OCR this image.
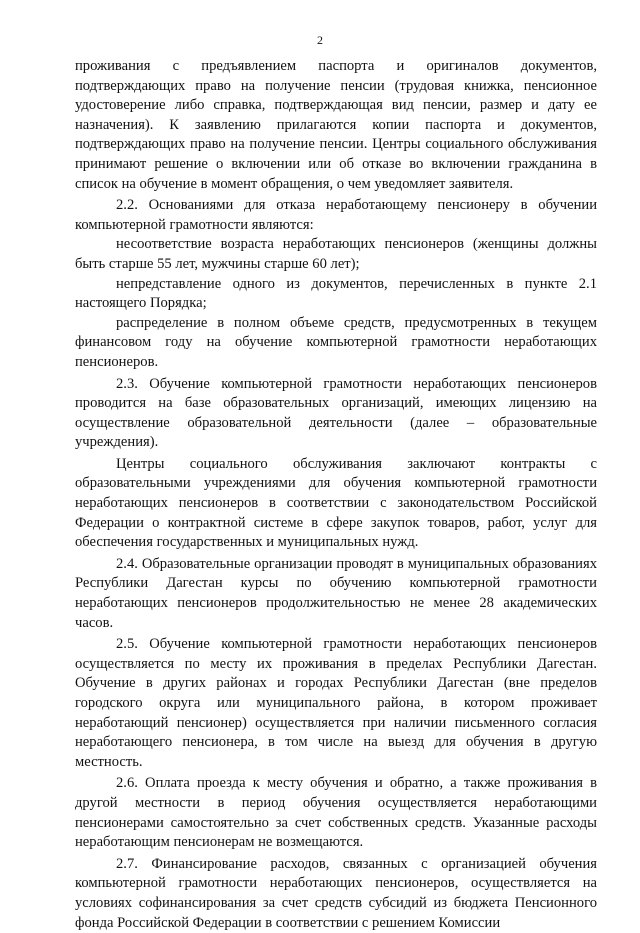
2

проживания с предъявлением паспорта и оригиналов документов, подтверждающих право на получение пенсии (трудовая книжка, пенсионное удостоверение либо справка, подтверждающая вид пенсии, размер и дату ее назначения). К заявлению прилагаются копии паспорта и документов, подтверждающих право на получение пенсии. Центры социального обслуживания принимают решение о включении или об отказе во включении гражданина в список на обучение в момент обращения, о чем уведомляет заявителя.

2.2. Основаниями для отказа неработающему пенсионеру в обучении компьютерной грамотности являются:

несоответствие возраста неработающих пенсионеров (женщины должны быть старше 55 лет, мужчины старше 60 лет);

непредставление одного из документов, перечисленных в пункте 2.1 настоящего Порядка;

распределение в полном объеме средств, предусмотренных в текущем финансовом году на обучение компьютерной грамотности неработающих пенсионеров.

2.3. Обучение компьютерной грамотности неработающих пенсионеров проводится на базе образовательных организаций, имеющих лицензию на осуществление образовательной деятельности (далее – образовательные учреждения).

Центры социального обслуживания заключают контракты с образовательными учреждениями для обучения компьютерной грамотности неработающих пенсионеров в соответствии с законодательством Российской Федерации о контрактной системе в сфере закупок товаров, работ, услуг для обеспечения государственных и муниципальных нужд.

2.4. Образовательные организации проводят в муниципальных образованиях Республики Дагестан курсы по обучению компьютерной грамотности неработающих пенсионеров продолжительностью не менее 28 академических часов.

2.5. Обучение компьютерной грамотности неработающих пенсионеров осуществляется по месту их проживания в пределах Республики Дагестан. Обучение в других районах и городах Республики Дагестан (вне пределов городского округа или муниципального района, в котором проживает неработающий пенсионер) осуществляется при наличии письменного согласия неработающего пенсионера, в том числе на выезд для обучения в другую местность.

2.6. Оплата проезда к месту обучения и обратно, а также проживания в другой местности в период обучения осуществляется неработающими пенсионерами самостоятельно за счет собственных средств. Указанные расходы неработающим пенсионерам не возмещаются.

2.7. Финансирование расходов, связанных с организацией обучения компьютерной грамотности неработающих пенсионеров, осуществляется на условиях софинансирования за счет средств субсидий из бюджета Пенсионного фонда Российской Федерации в соответствии с решением Комиссии
